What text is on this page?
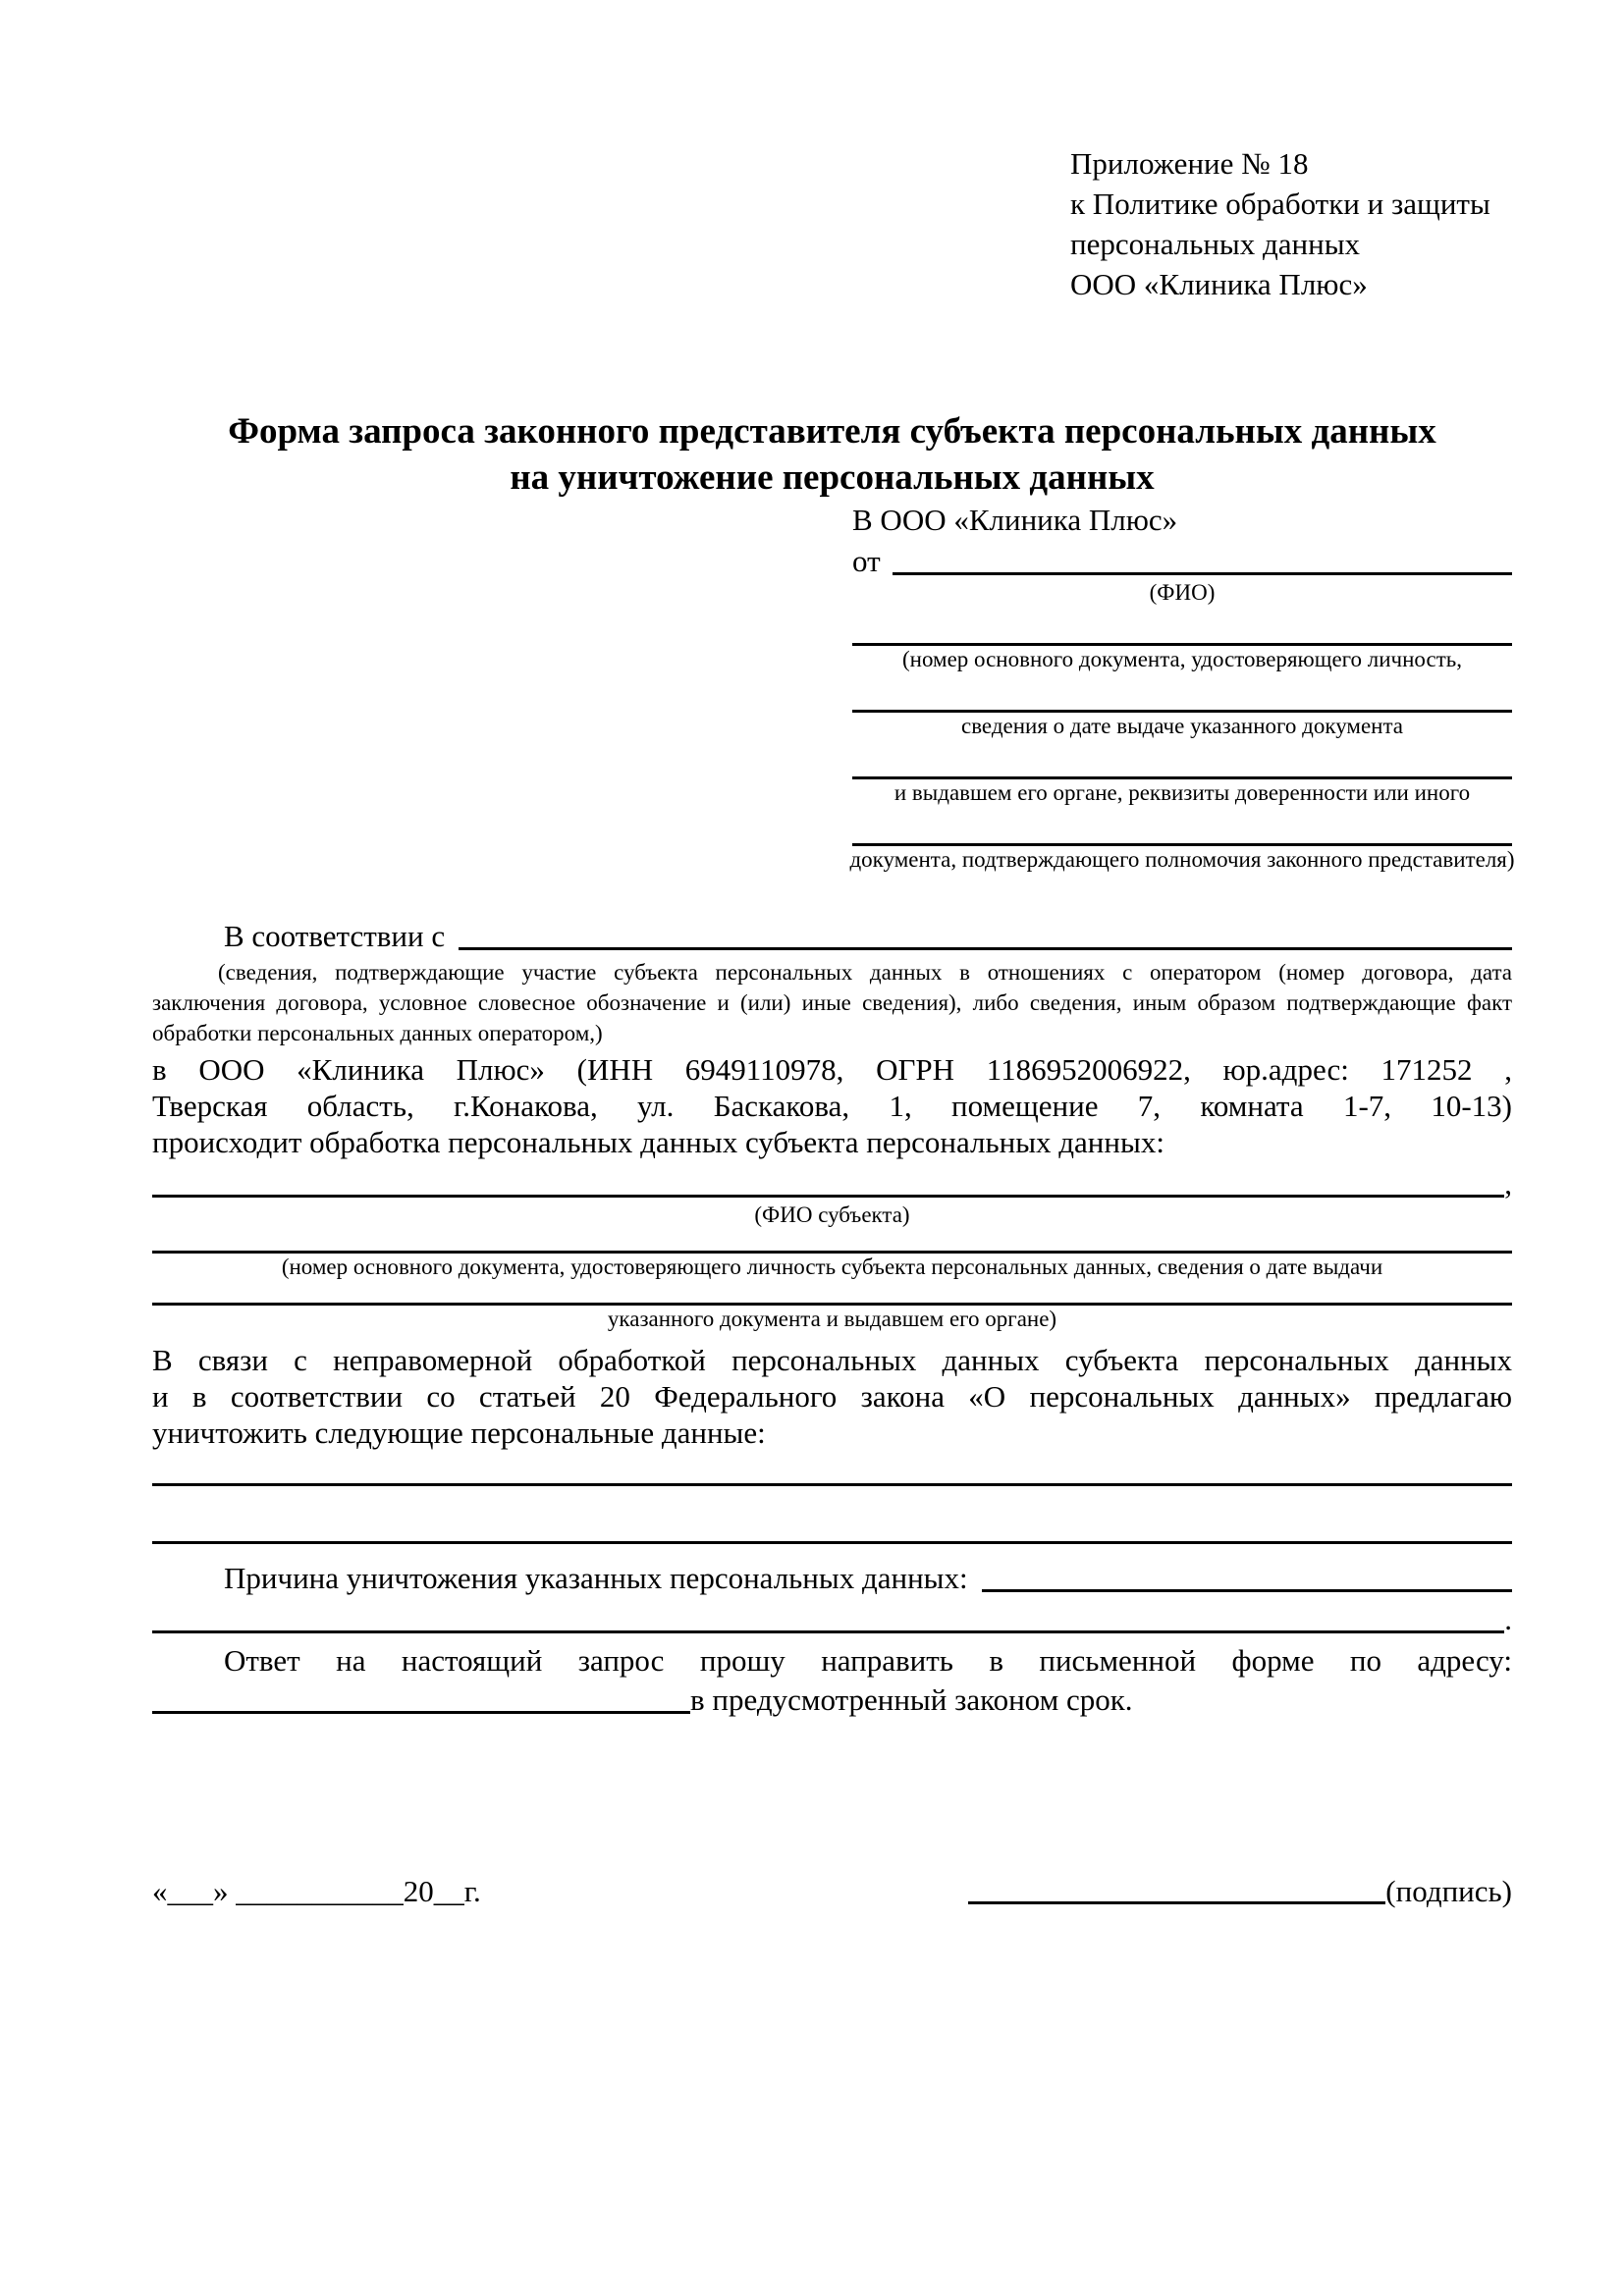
Приложение № 18
к Политике обработки и защиты
персональных данных
ООО «Клиника Плюс»
Форма запроса законного представителя субъекта персональных данных
на уничтожение персональных данных
В ООО «Клиника Плюс»
от
(ФИО)
(номер основного документа, удостоверяющего личность,
сведения о дате выдаче указанного документа
и выдавшем его органе, реквизиты доверенности или иного
документа, подтверждающего полномочия законного представителя)
В соответствии с
(сведения, подтверждающие участие субъекта персональных данных в отношениях с оператором (номер договора, дата
заключения договора, условное словесное обозначение и (или) иные сведения), либо сведения, иным образом подтверждающие факт
обработки персональных данных оператором,)
в ООО «Клиника Плюс» (ИНН 6949110978, ОГРН 1186952006922, юр.адрес: 171252 ,
Тверская область, г.Конакова, ул. Баскакова, 1, помещение 7, комната 1-7, 10-13)
происходит обработка персональных данных субъекта персональных данных:
,
(ФИО субъекта)
(номер основного документа, удостоверяющего личность субъекта персональных данных, сведения о дате выдачи
указанного документа и выдавшем его органе)
В связи с неправомерной обработкой персональных данных субъекта персональных данных
и в соответствии со статьей 20 Федерального закона «О персональных данных» предлагаю
уничтожить следующие персональные данные:
Причина уничтожения указанных персональных данных:
.
Ответ на настоящий запрос прошу направить в письменной форме по адресу:
в предусмотренный законом срок.
«___» ___________20__г.	(подпись)
